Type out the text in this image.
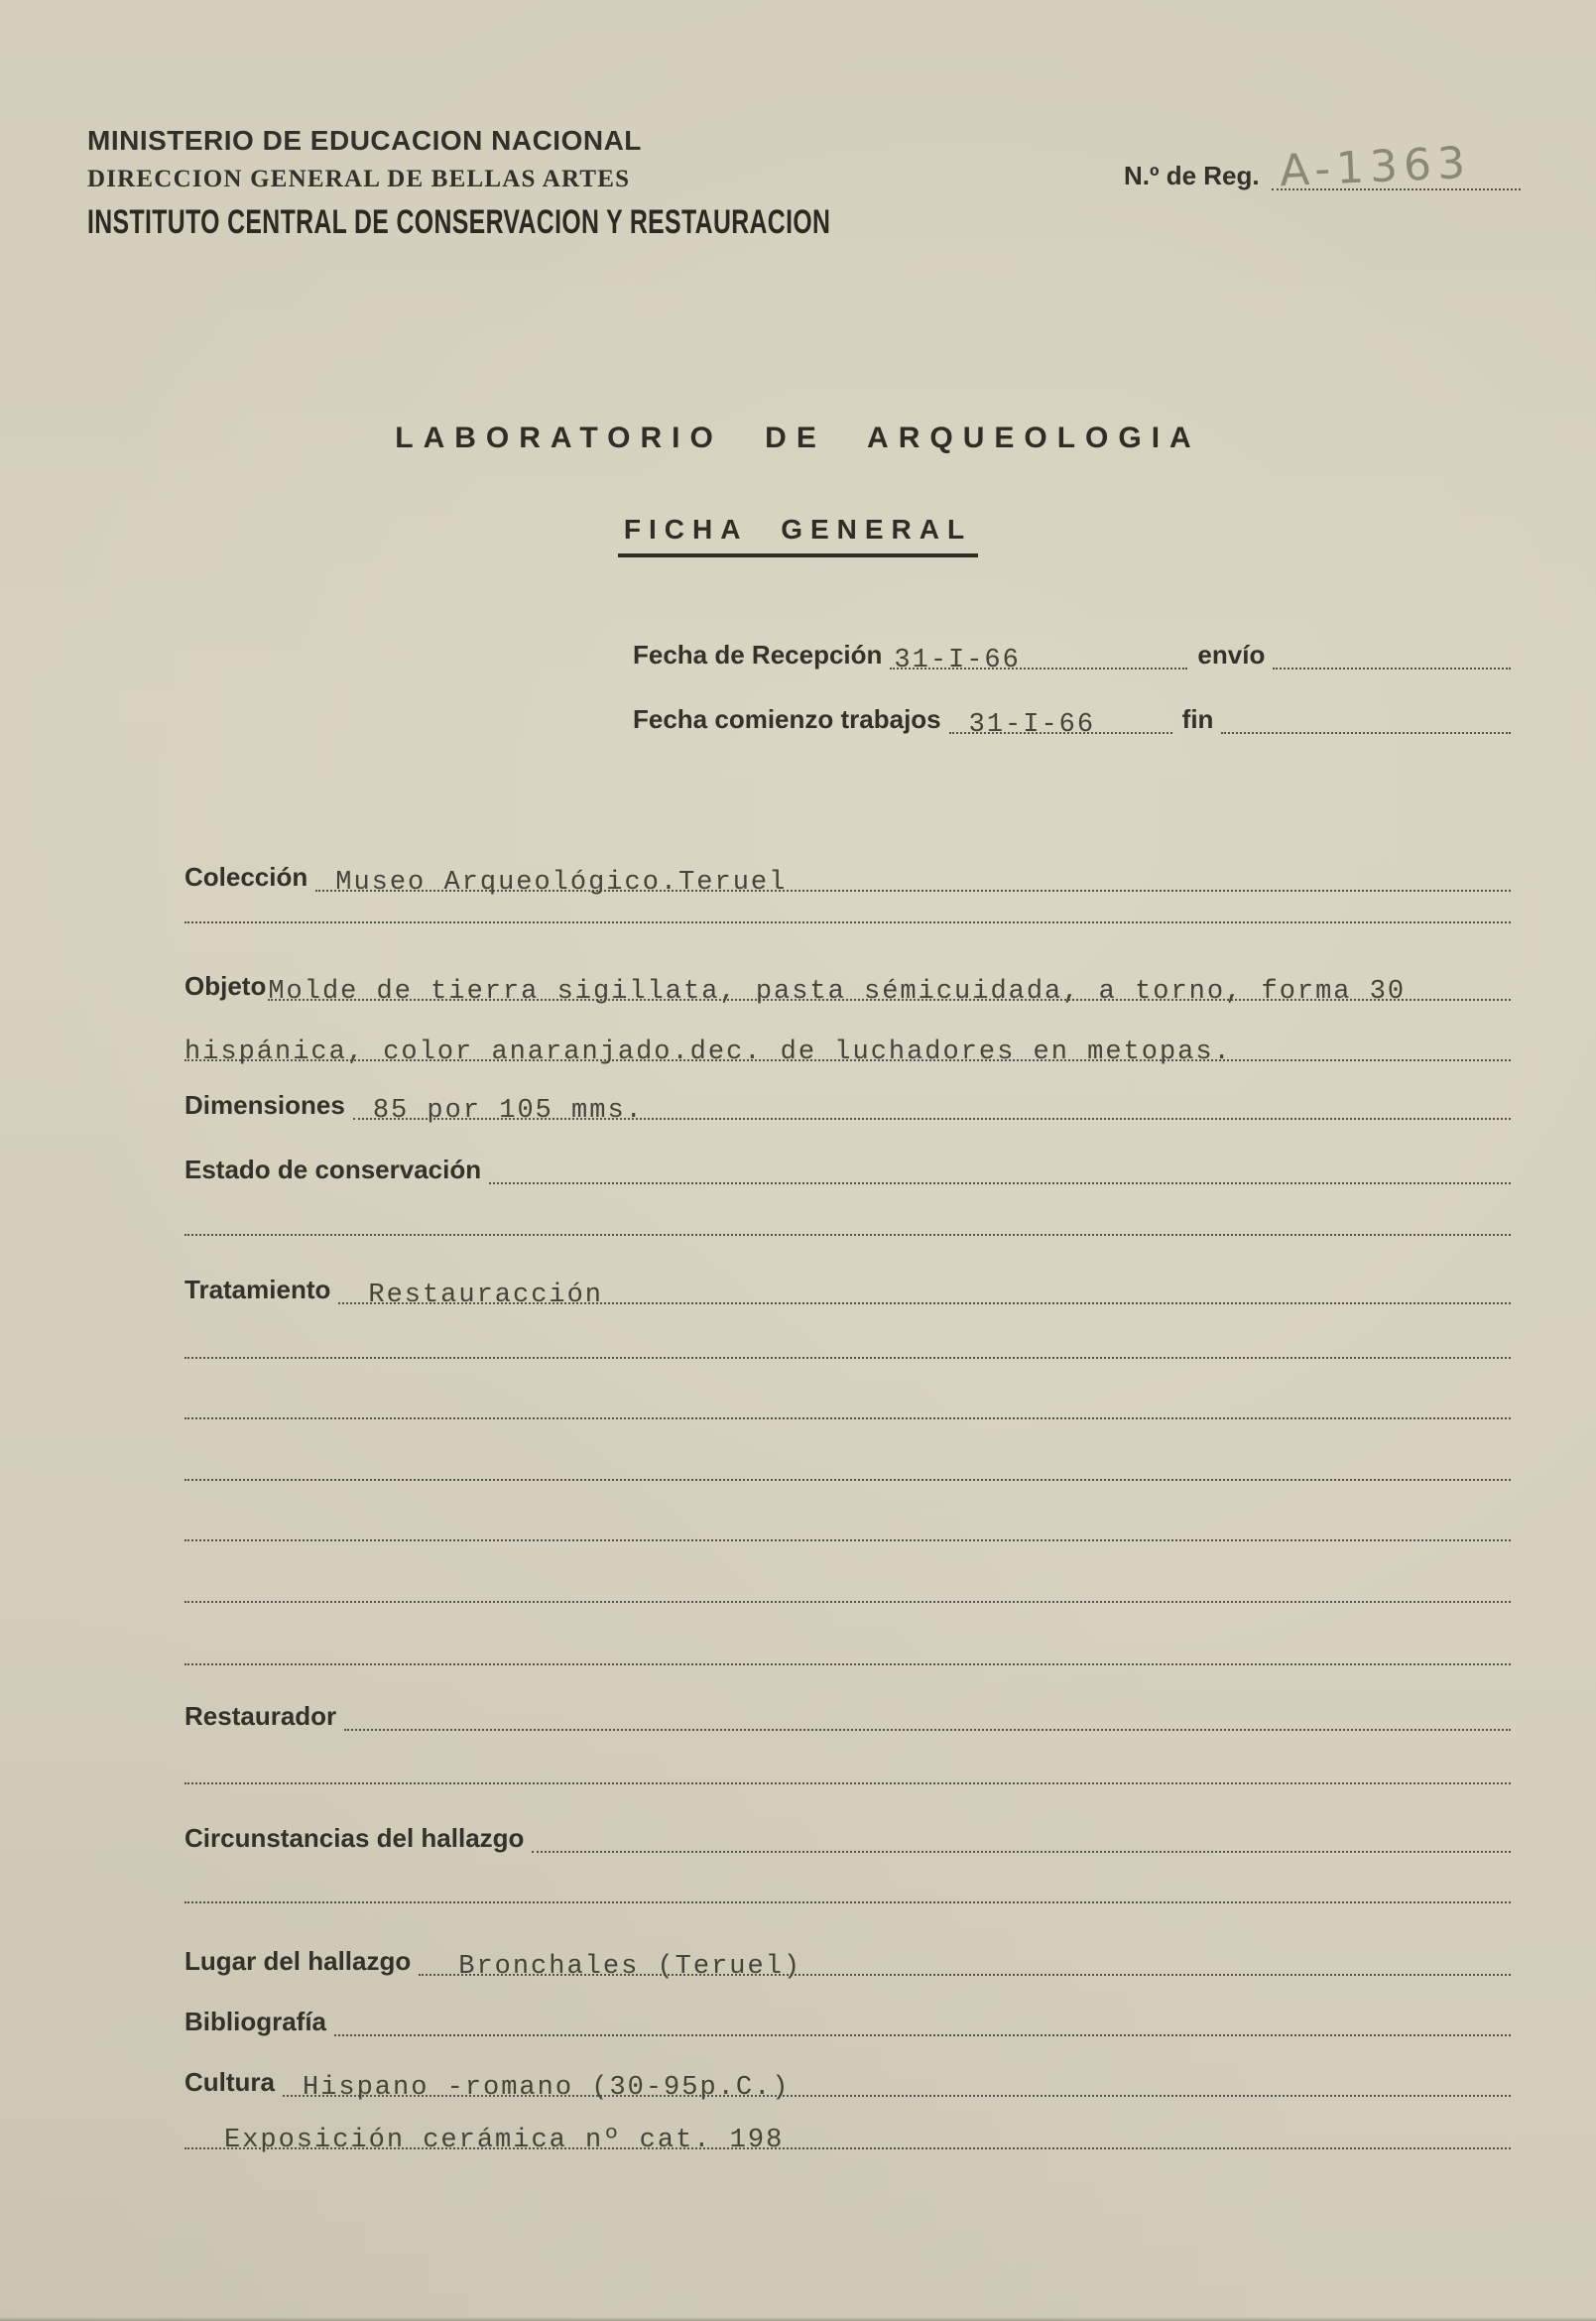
MINISTERIO DE EDUCACION NACIONAL
DIRECCION GENERAL DE BELLAS ARTES
INSTITUTO CENTRAL DE CONSERVACION Y RESTAURACION
N.º de Reg. A-1363
LABORATORIO DE ARQUEOLOGIA
FICHA GENERAL
Fecha de Recepción 31-I-66	envío
Fecha comienzo trabajos	31-I-66	fin
Colección	Museo Arqueológico.Teruel
Objeto Molde de tierra sigillata, pasta sémicuidada, a torno, forma 30
hispánica, color anaranjado.dec. de luchadores en metopas.
Dimensiones	85 por 105 mms.
Estado de conservación
Tratamiento	Restauracción
Restaurador
Circunstancias del hallazgo
Lugar del hallazgo	Bronchales (Teruel)
Bibliografía
Cultura	Hispano -romano (30-95p.C.)
Exposición cerámica nº cat. 198
